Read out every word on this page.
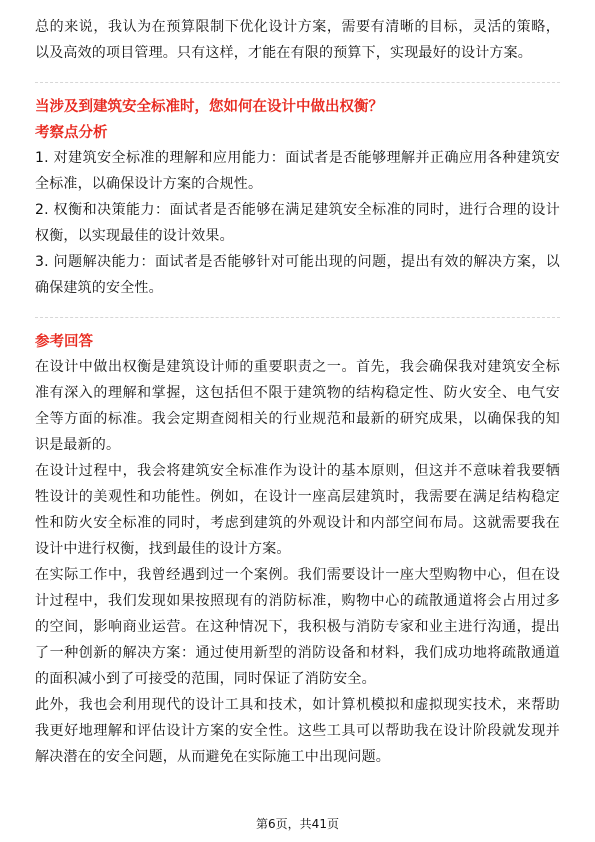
总的来说，我认为在预算限制下优化设计方案，需要有清晰的目标，灵活的策略，以及高效的项目管理。只有这样，才能在有限的预算下，实现最好的设计方案。

当涉及到建筑安全标准时，您如何在设计中做出权衡？
考察点分析

1. 对建筑安全标准的理解和应用能力：面试者是否能够理解并正确应用各种建筑安全标准，以确保设计方案的合规性。

2. 权衡和决策能力：面试者是否能够在满足建筑安全标准的同时，进行合理的设计权衡，以实现最佳的设计效果。

3. 问题解决能力：面试者是否能够针对可能出现的问题，提出有效的解决方案，以确保建筑的安全性。

参考回答

在设计中做出权衡是建筑设计师的重要职责之一。首先，我会确保我对建筑安全标准有深入的理解和掌握，这包括但不限于建筑物的结构稳定性、防火安全、电气安全等方面的标准。我会定期查阅相关的行业规范和最新的研究成果，以确保我的知识是最新的。

在设计过程中，我会将建筑安全标准作为设计的基本原则，但这并不意味着我要牺牲设计的美观性和功能性。例如，在设计一座高层建筑时，我需要在满足结构稳定性和防火安全标准的同时，考虑到建筑的外观设计和内部空间布局。这就需要我在设计中进行权衡，找到最佳的设计方案。

在实际工作中，我曾经遇到过一个案例。我们需要设计一座大型购物中心，但在设计过程中，我们发现如果按照现有的消防标准，购物中心的疏散通道将会占用过多的空间，影响商业运营。在这种情况下，我积极与消防专家和业主进行沟通，提出了一种创新的解决方案：通过使用新型的消防设备和材料，我们成功地将疏散通道的面积减小到了可接受的范围，同时保证了消防安全。

此外，我也会利用现代的设计工具和技术，如计算机模拟和虚拟现实技术，来帮助我更好地理解和评估设计方案的安全性。这些工具可以帮助我在设计阶段就发现并解决潜在的安全问题，从而避免在实际施工中出现问题。

第6页，共41页
